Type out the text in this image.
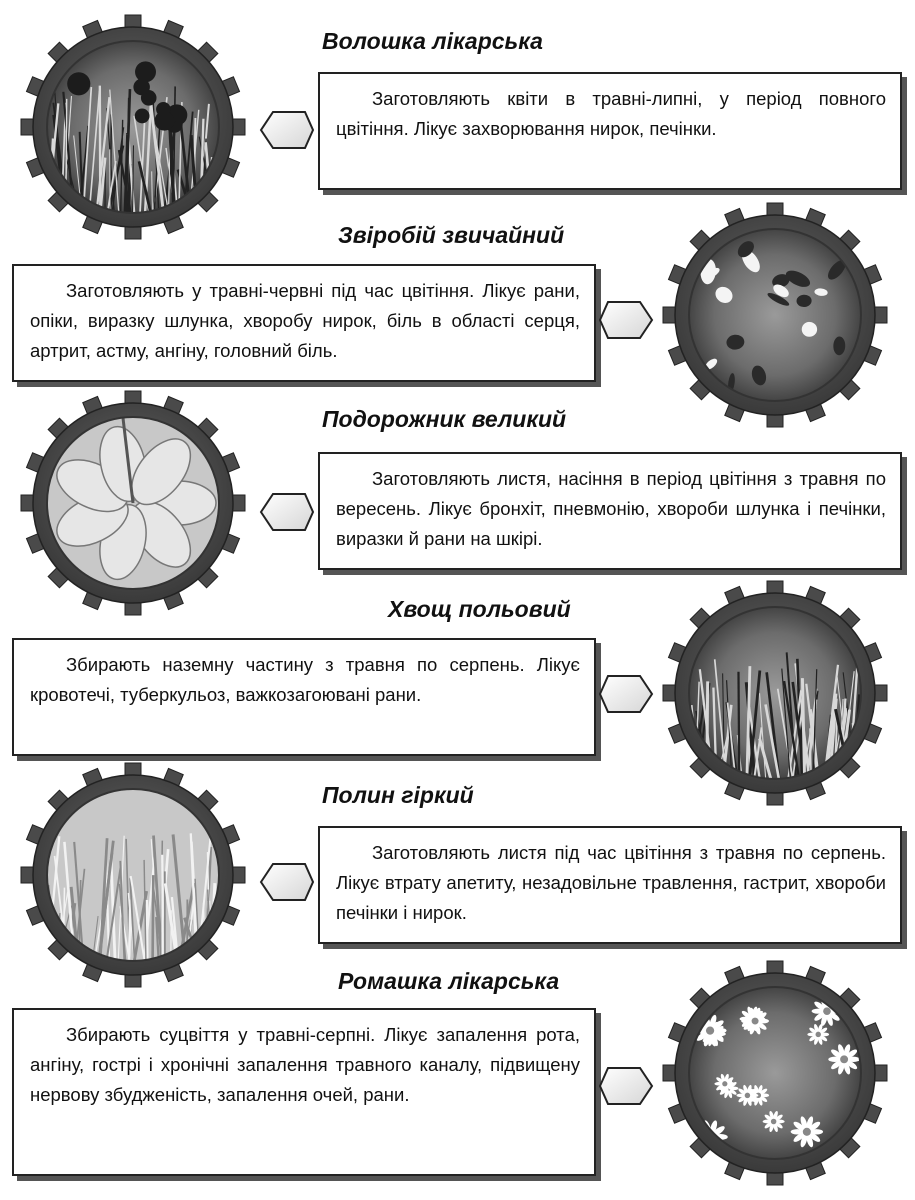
Волошка лікарська
Заготовляють квіти в травні-липні, у період повного цвітіння. Лікує захворювання нирок, печінки.
Звіробій звичайний
Заготовляють у травні-червні під час цвітіння. Лікує рани, опіки, виразку шлунка, хворобу нирок, біль в області серця, артрит, астму, ангіну, головний біль.
Подорожник великий
Заготовляють листя, насіння в період цвітіння з травня по вересень. Лікує бронхіт, пневмонію, хвороби шлунка і печінки, виразки й рани на шкірі.
Хвощ польовий
Збирають наземну частину з травня по серпень. Лікує кровотечі, туберкульоз, важкозагоювані рани.
Полин гіркий
Заготовляють листя під час цвітіння з травня по серпень. Лікує втрату апетиту, незадовільне травлення, гастрит, хвороби печінки і нирок.
Ромашка лікарська
Збирають суцвіття у травні-серпні. Лікує запалення рота, ангіну, гострі і хронічні запалення травного каналу, підвищену нервову збудженість, запалення очей, рани.
